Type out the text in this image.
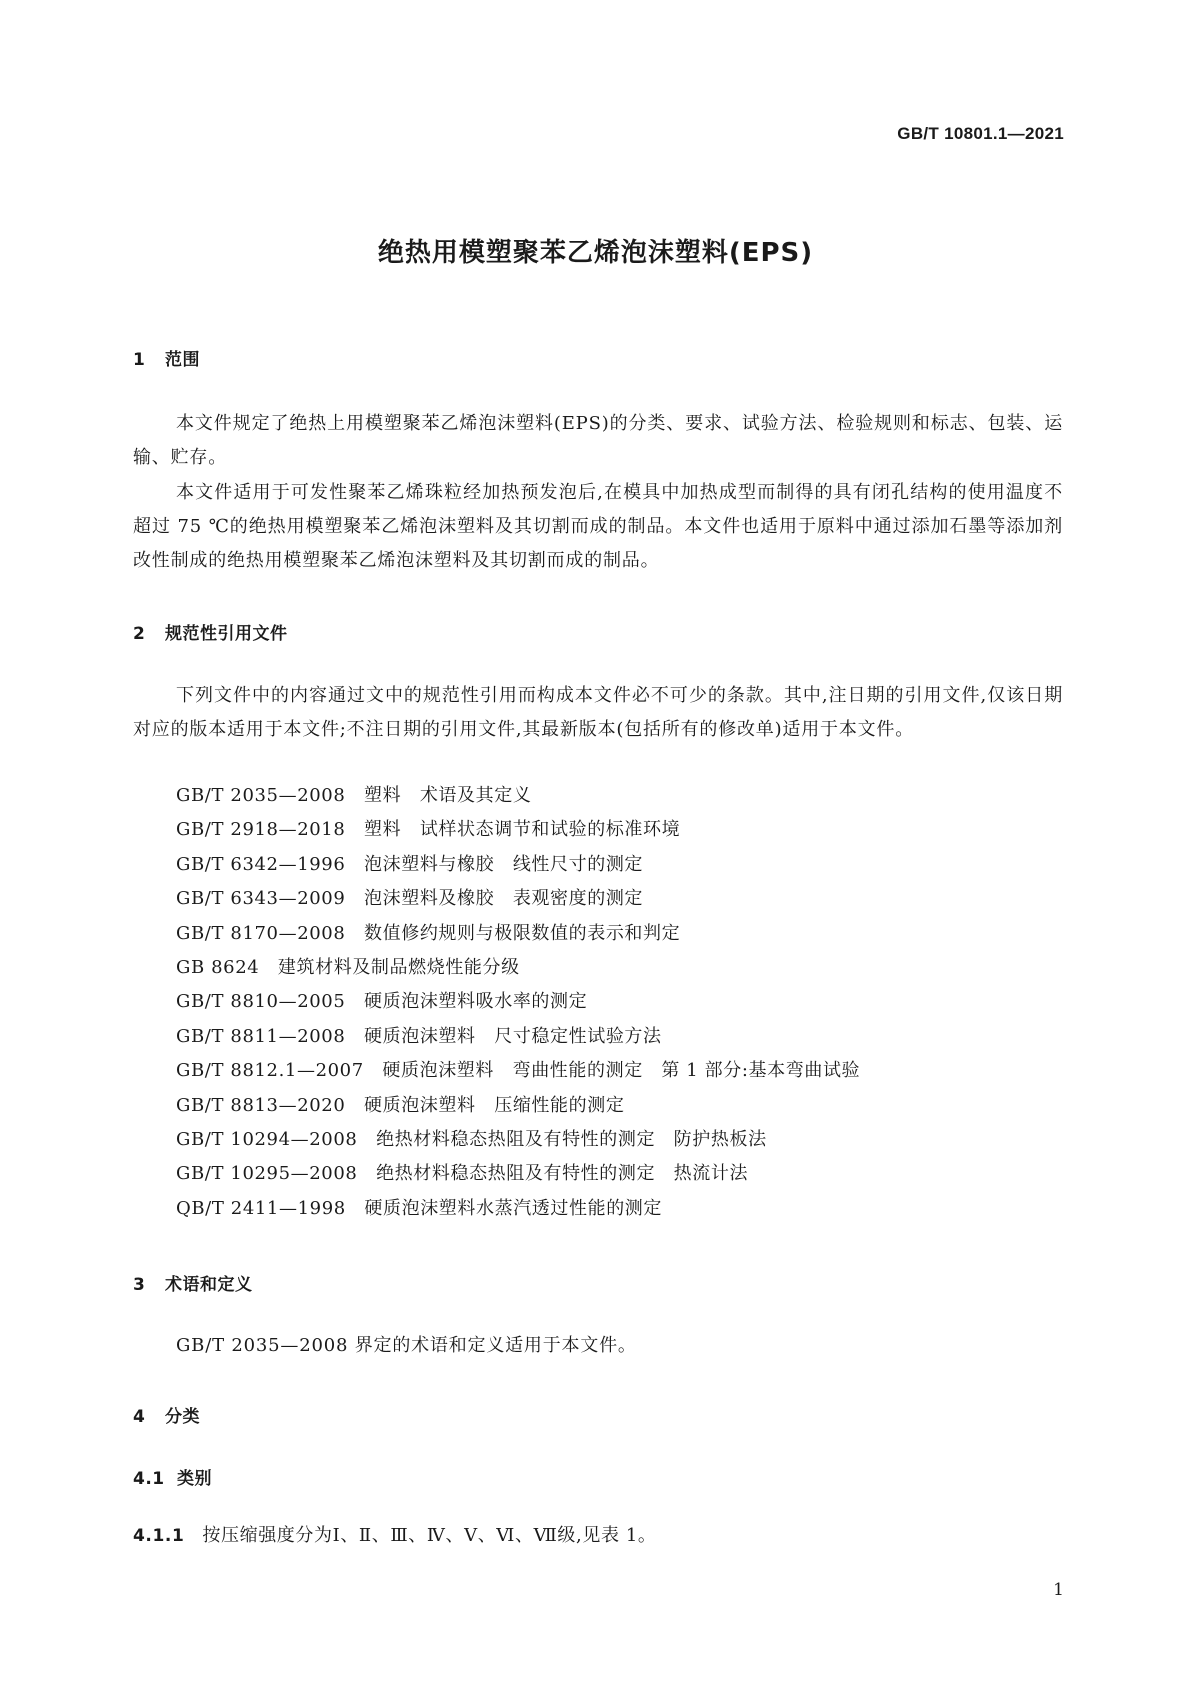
GB/T 10801.1—2021
绝热用模塑聚苯乙烯泡沫塑料(EPS)
1 范围
本文件规定了绝热上用模塑聚苯乙烯泡沫塑料(EPS)的分类、要求、试验方法、检验规则和标志、包装、运输、贮存。
本文件适用于可发性聚苯乙烯珠粒经加热预发泡后,在模具中加热成型而制得的具有闭孔结构的使用温度不超过 75 ℃的绝热用模塑聚苯乙烯泡沫塑料及其切割而成的制品。本文件也适用于原料中通过添加石墨等添加剂改性制成的绝热用模塑聚苯乙烯泡沫塑料及其切割而成的制品。
2 规范性引用文件
下列文件中的内容通过文中的规范性引用而构成本文件必不可少的条款。其中,注日期的引用文件,仅该日期对应的版本适用于本文件;不注日期的引用文件,其最新版本(包括所有的修改单)适用于本文件。
GB/T 2035—2008　塑料　术语及其定义
GB/T 2918—2018　塑料　试样状态调节和试验的标准环境
GB/T 6342—1996　泡沫塑料与橡胶　线性尺寸的测定
GB/T 6343—2009　泡沫塑料及橡胶　表观密度的测定
GB/T 8170—2008　数值修约规则与极限数值的表示和判定
GB 8624　建筑材料及制品燃烧性能分级
GB/T 8810—2005　硬质泡沫塑料吸水率的测定
GB/T 8811—2008　硬质泡沫塑料　尺寸稳定性试验方法
GB/T 8812.1—2007　硬质泡沫塑料　弯曲性能的测定　第 1 部分:基本弯曲试验
GB/T 8813—2020　硬质泡沫塑料　压缩性能的测定
GB/T 10294—2008　绝热材料稳态热阻及有特性的测定　防护热板法
GB/T 10295—2008　绝热材料稳态热阻及有特性的测定　热流计法
QB/T 2411—1998　硬质泡沫塑料水蒸汽透过性能的测定
3 术语和定义
GB/T 2035—2008 界定的术语和定义适用于本文件。
4 分类
4.1 类别
4.1.1 按压缩强度分为Ⅰ、Ⅱ、Ⅲ、Ⅳ、Ⅴ、Ⅵ、Ⅶ级,见表 1。
1
